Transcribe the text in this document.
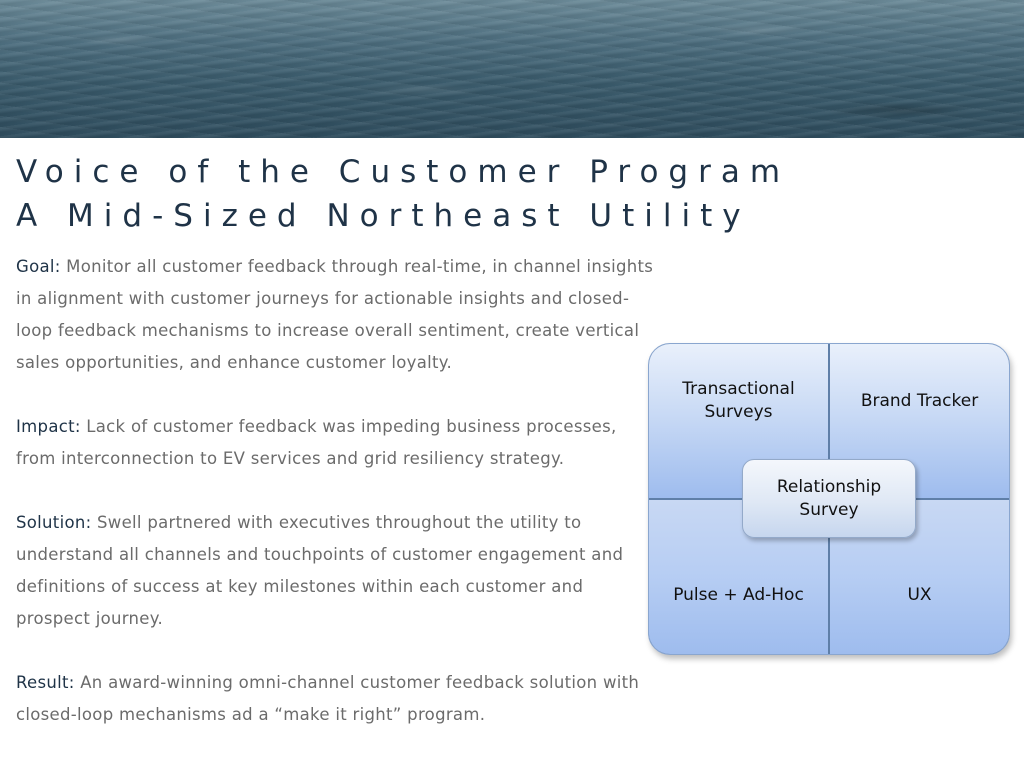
Voice of the Customer Program
A Mid-Sized Northeast Utility

Goal: Monitor all customer feedback through real-time, in channel insights in alignment with customer journeys for actionable insights and closed-loop feedback mechanisms to increase overall sentiment, create vertical sales opportunities, and enhance customer loyalty.

Impact: Lack of customer feedback was impeding business processes, from interconnection to EV services and grid resiliency strategy.

Solution: Swell partnered with executives throughout the utility to understand all channels and touchpoints of customer engagement and definitions of success at key milestones within each customer and prospect journey.

Result: An award-winning omni-channel customer feedback solution with closed-loop mechanisms ad a “make it right” program.

Transactional
Surveys
Brand Tracker
Pulse + Ad-Hoc	UX
Relationship
Survey
